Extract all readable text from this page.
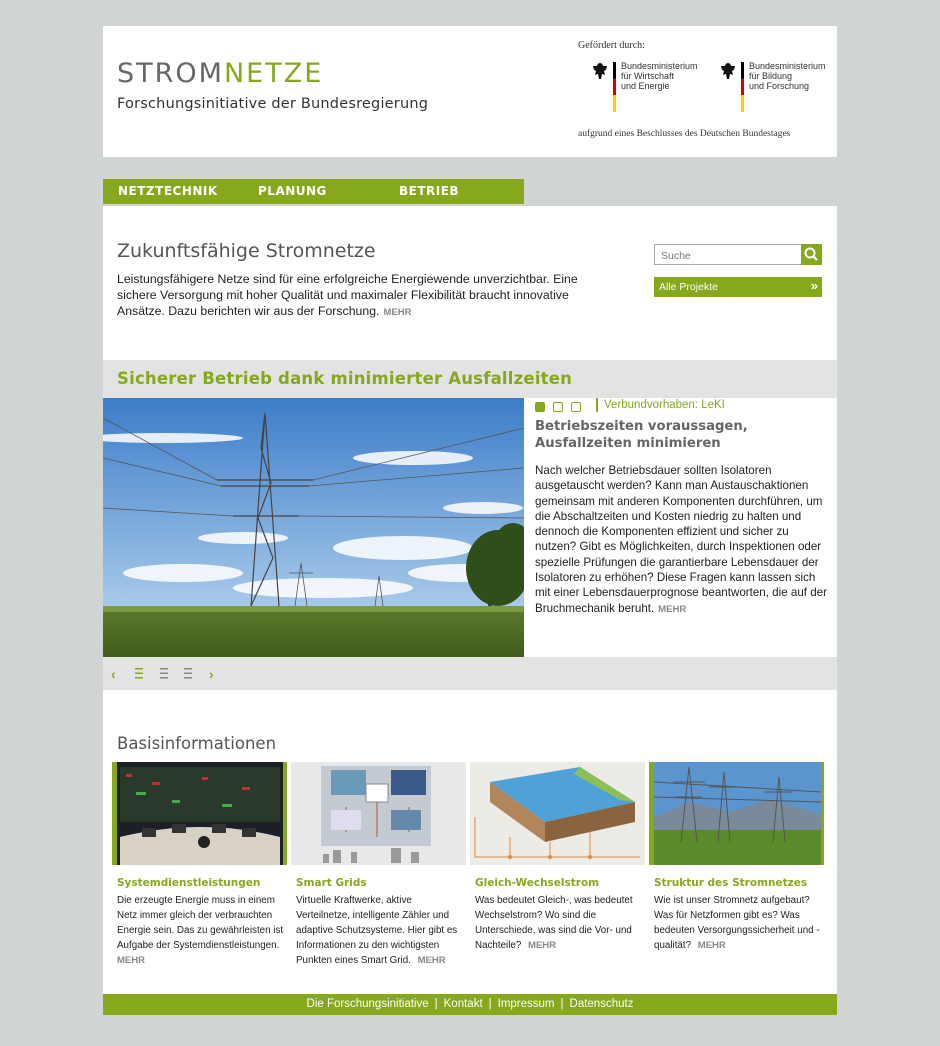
STROMNETZE
Forschungsinitiative der Bundesregierung
Gefördert durch:
Bundesministerium
für Wirtschaft
und Energie
Bundesministerium
für Bildung
und Forschung
aufgrund eines Beschlusses des Deutschen Bundestages
NETZTECHNIK	PLANUNG	BETRIEB
Zukunftsfähige Stromnetze
Leistungsfähigere Netze sind für eine erfolgreiche Energiewende unverzichtbar. Eine sichere Versorgung mit hoher Qualität und maximaler Flexibilität braucht innovative Ansätze. Dazu berichten wir aus der Forschung. MEHR
Suche
Alle Projekte	»
Sicherer Betrieb dank minimierter Ausfallzeiten
Verbundvorhaben: LeKI
Betriebszeiten voraussagen, Ausfallzeiten minimieren
Nach welcher Betriebsdauer sollten Isolatoren ausgetauscht werden? Kann man Austauschaktionen gemeinsam mit anderen Komponenten durchführen, um die Abschaltzeiten und Kosten niedrig zu halten und dennoch die Komponenten effizient und sicher zu nutzen? Gibt es Möglichkeiten, durch Inspektionen oder spezielle Prüfungen die garantierbare Lebensdauer der Isolatoren zu erhöhen? Diese Fragen kann lassen sich mit einer Lebensdauerprognose beantworten, die auf der Bruchmechanik beruht. MEHR
‹	›
Basisinformationen
Systemdienstleistungen
Die erzeugte Energie muss in einem Netz immer gleich der verbrauchten Energie sein. Das zu gewährleisten ist Aufgabe der Systemdienstleistungen. MEHR
Smart Grids
Virtuelle Kraftwerke, aktive Verteilnetze, intelligente Zähler und adaptive Schutzsysteme. Hier gibt es Informationen zu den wichtigsten Punkten eines Smart Grid. MEHR
Gleich-Wechselstrom
Was bedeutet Gleich-, was bedeutet Wechselstrom? Wo sind die Unterschiede, was sind die Vor- und Nachteile? MEHR
Struktur des Stromnetzes
Wie ist unser Stromnetz aufgebaut? Was für Netzformen gibt es? Was bedeuten Versorgungssicherheit und -qualität? MEHR
Die Forschungsinitiative | Kontakt | Impressum | Datenschutz
